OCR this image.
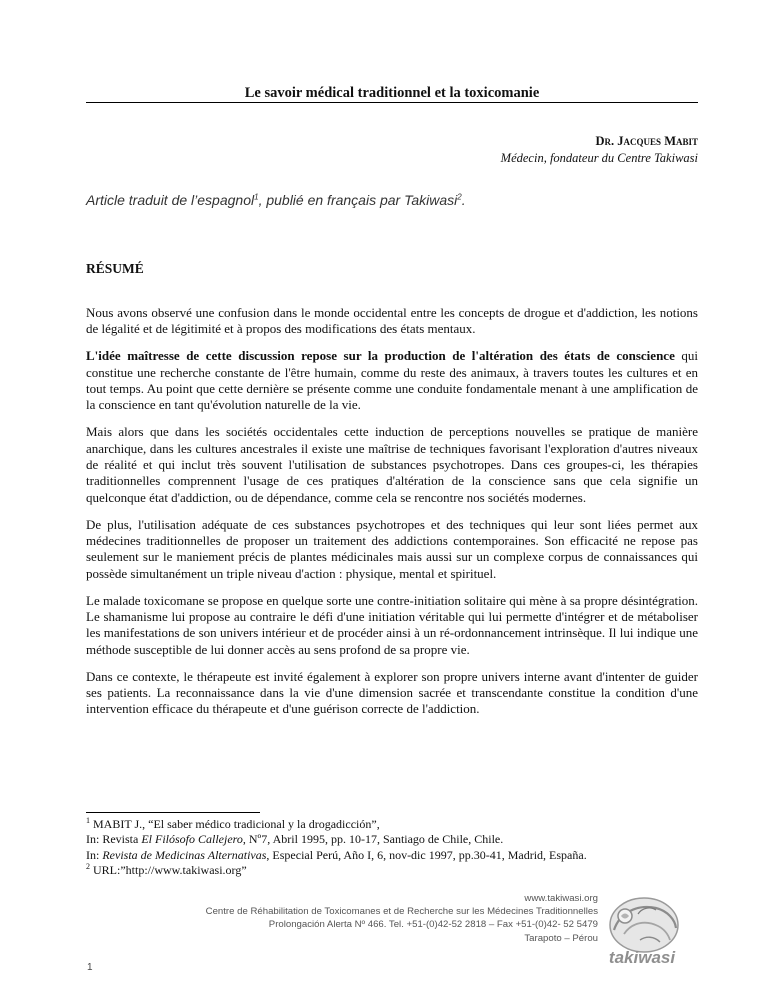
Le savoir médical traditionnel et la toxicomanie
Dr. Jacques Mabit
Médecin, fondateur du Centre Takiwasi
Article traduit de l’espagnol$^1$, publié en français par Takiwasi$^2$.
RÉSUMÉ

Nous avons observé une confusion dans le monde occidental entre les concepts de drogue et d'addiction, les notions de légalité et de légitimité et à propos des modifications des états mentaux.

L'idée maîtresse de cette discussion repose sur la production de l'altération des états de conscience qui constitue une recherche constante de l'être humain, comme du reste des animaux, à travers toutes les cultures et en tout temps. Au point que cette dernière se présente comme une conduite fondamentale menant à une amplification de la conscience en tant qu'évolution naturelle de la vie.

Mais alors que dans les sociétés occidentales cette induction de perceptions nouvelles se pratique de manière anarchique, dans les cultures ancestrales il existe une maîtrise de techniques favorisant l'exploration d'autres niveaux de réalité et qui inclut très souvent l'utilisation de substances psychotropes. Dans ces groupes-ci, les thérapies traditionnelles comprennent l'usage de ces pratiques d'altération de la conscience sans que cela signifie un quelconque état d'addiction, ou de dépendance, comme cela se rencontre nos sociétés modernes.

De plus, l'utilisation adéquate de ces substances psychotropes et des techniques qui leur sont liées permet aux médecines traditionnelles de proposer un traitement des addictions contemporaines. Son efficacité ne repose pas seulement sur le maniement précis de plantes médicinales mais aussi sur un complexe corpus de connaissances qui possède simultanément un triple niveau d'action : physique, mental et spirituel.

Le malade toxicomane se propose en quelque sorte une contre-initiation solitaire qui mène à sa propre désintégration. Le shamanisme lui propose au contraire le défi d'une initiation véritable qui lui permette d'intégrer et de métaboliser les manifestations de son univers intérieur et de procéder ainsi à un ré-ordonnancement intrinsèque. Il lui indique une méthode susceptible de lui donner accès au sens profond de sa propre vie.

Dans ce contexte, le thérapeute est invité également à explorer son propre univers interne avant d'intenter de guider ses patients. La reconnaissance dans la vie d'une dimension sacrée et transcendante constitue la condition d'une intervention efficace du thérapeute et d'une guérison correcte de l'addiction.

$^1$ MABIT J., “El saber médico tradicional y la drogadicción”,
In: Revista El Filósofo Callejero, Nº7, Abril 1995, pp. 10-17, Santiago de Chile, Chile.
In: Revista de Medicinas Alternativas, Especial Perú, Año I, 6, nov-dic 1997, pp.30-41, Madrid, España.
$^2$ URL:”http://www.takiwasi.org”
www.takiwasi.org
Centre de Réhabilitation de Toxicomanes et de Recherche sur les Médecines Traditionnelles
Prolongación Alerta Nº 466. Tel. +51-(0)42-52 2818 – Fax +51-(0)42- 52 5479
Tarapoto – Pérou
1
takiwasi
